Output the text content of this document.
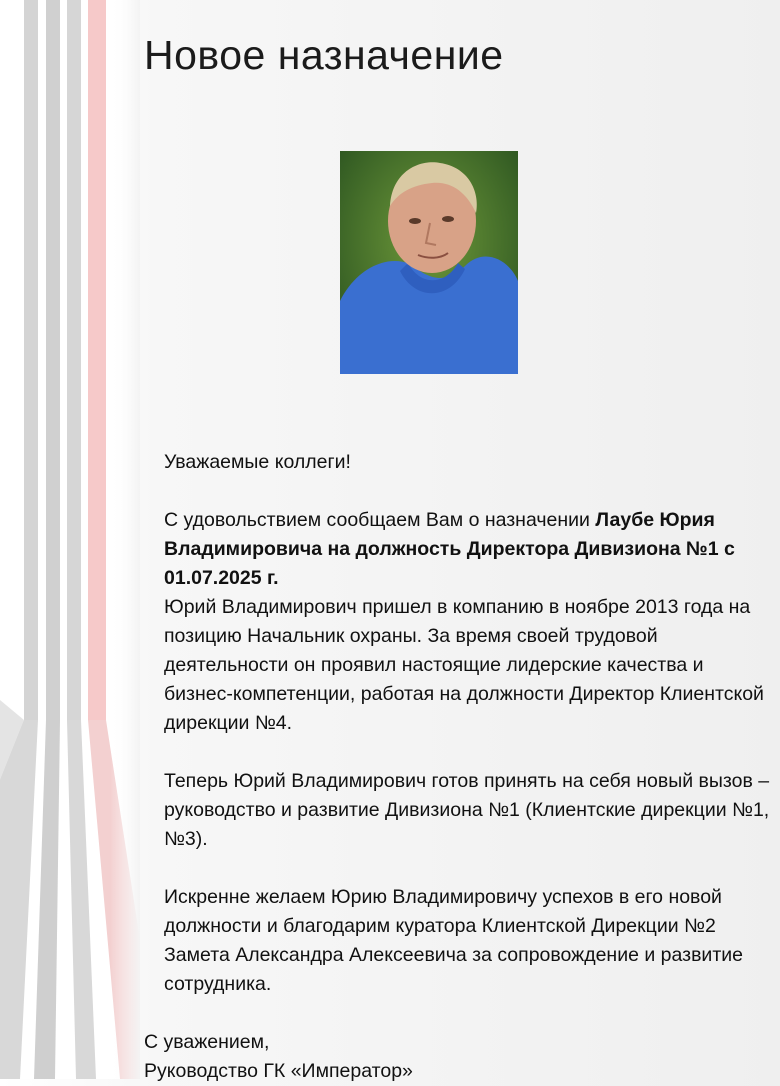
Новое назначение

Уважаемые коллеги!

С удовольствием сообщаем Вам о назначении Лаубе Юрия Владимировича на должность Директора Дивизиона №1 с 01.07.2025 г.

Юрий Владимирович пришел в компанию в ноябре 2013 года на позицию Начальник охраны. За время своей трудовой деятельности он проявил настоящие лидерские качества и бизнес-компетенции, работая на должности Директор Клиентской дирекции №4.

Теперь Юрий Владимирович готов принять на себя новый вызов – руководство и развитие Дивизиона №1 (Клиентские дирекции №1, №3).

Искренне желаем Юрию Владимировичу успехов в его новой должности и благодарим куратора Клиентской Дирекции №2 Замета Александра Алексеевича за сопровождение и развитие сотрудника.

С уважением,

Руководство ГК «Император»
